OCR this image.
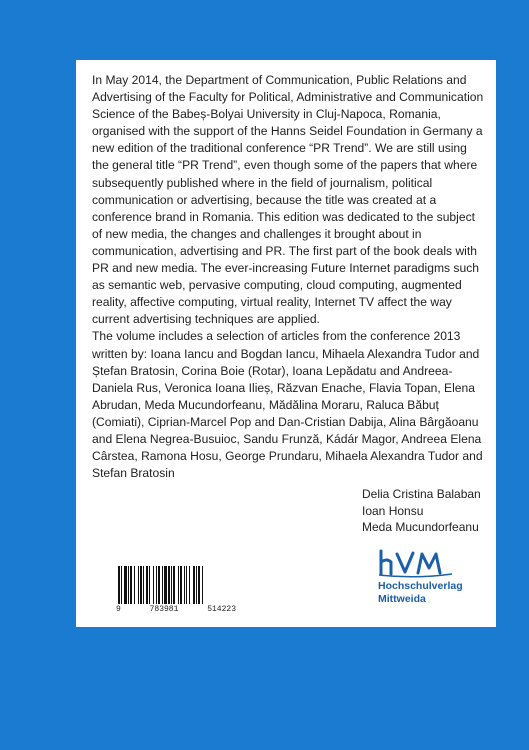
In May 2014, the Department of Communication, Public Relations and Advertising of the Faculty for Political, Administrative and Communication Science of the Babeș-Bolyai University in Cluj-Napoca, Romania, organised with the support of the Hanns Seidel Foundation in Germany a new edition of the traditional conference “PR Trend”. We are still using the general title “PR Trend”, even though some of the papers that where subsequently published where in the field of journalism, political communication or advertising, because the title was created at a conference brand in Romania. This edition was dedicated to the subject of new media, the changes and challenges it brought about in communication, advertising and PR. The first part of the book deals with PR and new media. The ever-increasing Future Internet paradigms such as semantic web, pervasive computing, cloud computing, augmented reality, affective computing, virtual reality, Internet TV affect the way current advertising techniques are applied.

The volume includes a selection of articles from the conference 2013 written by: Ioana Iancu and Bogdan Iancu, Mihaela Alexandra Tudor and Ștefan Bratosin, Corina Boie (Rotar), Ioana Lepădatu and Andreea-Daniela Rus, Veronica Ioana Ilieș, Răzvan Enache, Flavia Topan, Elena Abrudan, Meda Mucundorfeanu, Mădălina Moraru, Raluca Băbuț (Comiati), Ciprian-Marcel Pop and Dan-Cristian Dabija, Alina Bârgăoanu and Elena Negrea-Busuioc, Sandu Frunză, Kádár Magor, Andreea Elena Cârstea, Ramona Hosu, George Prundaru, Mihaela Alexandra Tudor and Stefan Bratosin

Delia Cristina Balaban
Ioan Honsu
Meda Mucundorfeanu
9	783981	514223
Hochschulverlag
Mittweida
